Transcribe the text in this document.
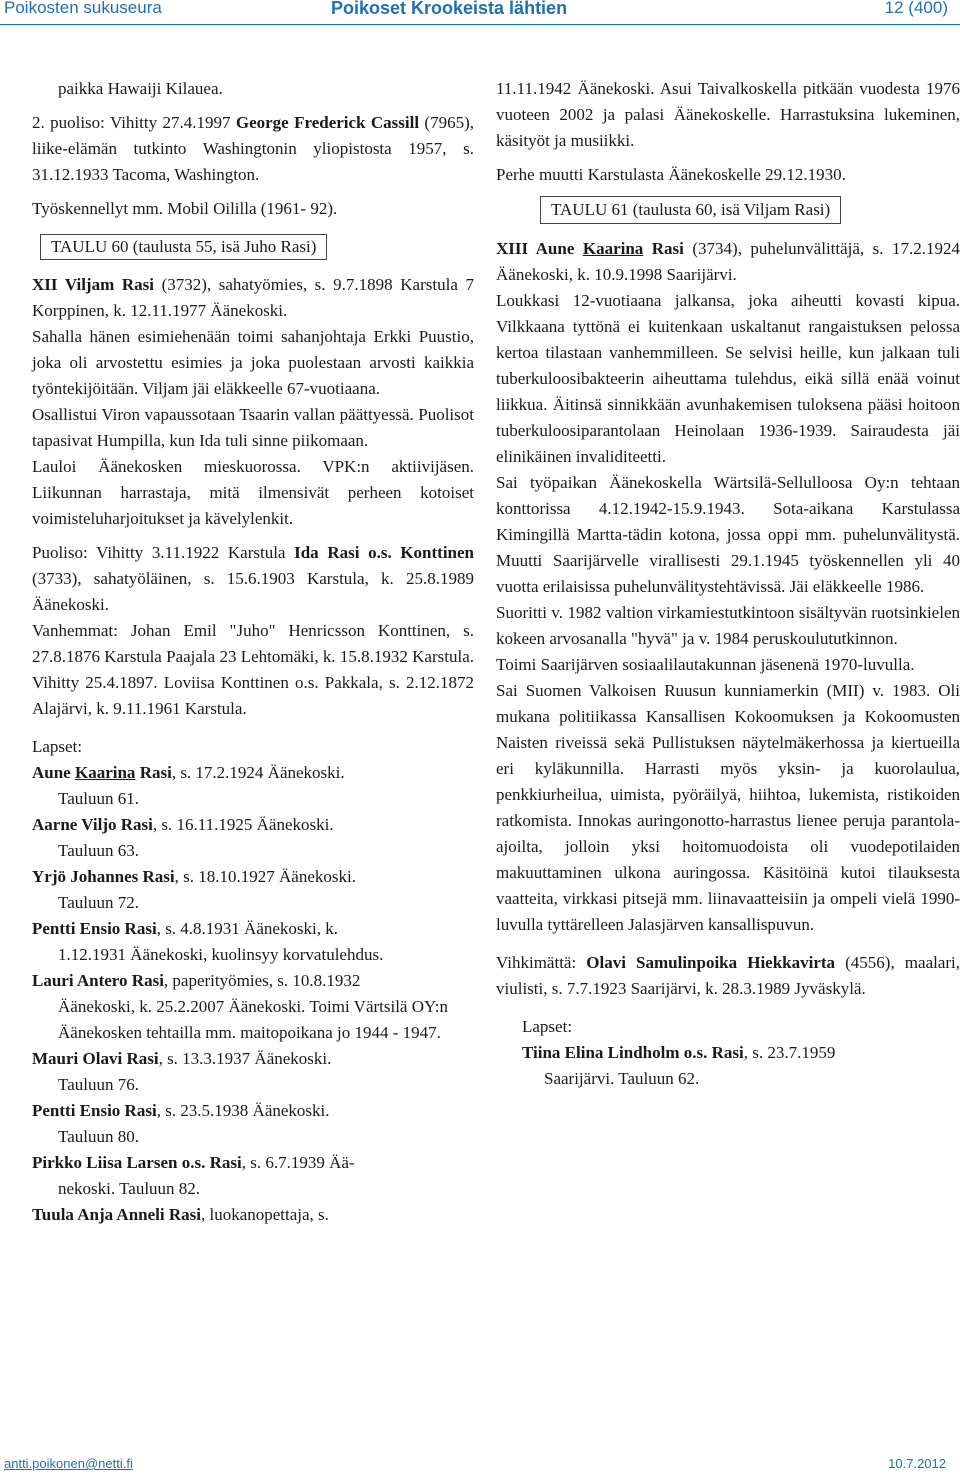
Poikosten sukuseura	Poikoset Krookeista lähtien	12 (400)

paikka Hawaiji Kilauea.

2. puoliso: Vihitty 27.4.1997 George Frederick Cassill (7965), liike-elämän tutkinto Washingtonin yliopistosta 1957, s. 31.12.1933 Tacoma, Washington.

Työskennellyt mm. Mobil Oililla (1961- 92).

TAULU 60 (taulusta 55, isä Juho Rasi)

XII Viljam Rasi (3732), sahatyömies, s. 9.7.1898 Karstula 7 Korppinen, k. 12.11.1977 Äänekoski.

Sahalla hänen esimiehenään toimi sahanjohtaja Erkki Puustio, joka oli arvostettu esimies ja joka puolestaan arvosti kaikkia työntekijöitään. Viljam jäi eläkkeelle 67-vuotiaana.

Osallistui Viron vapaussotaan Tsaarin vallan päättyessä. Puolisot tapasivat Humpilla, kun Ida tuli sinne piikomaan.

Lauloi Äänekosken mieskuorossa. VPK:n aktiivijäsen. Liikunnan harrastaja, mitä ilmensivät perheen kotoiset voimisteluharjoitukset ja kävelylenkit.

Puoliso: Vihitty 3.11.1922 Karstula Ida Rasi o.s. Konttinen (3733), sahatyöläinen, s. 15.6.1903 Karstula, k. 25.8.1989 Äänekoski.

Vanhemmat: Johan Emil "Juho" Henricsson Konttinen, s. 27.8.1876 Karstula Paajala 23 Lehtomäki, k. 15.8.1932 Karstula. Vihitty 25.4.1897. Loviisa Konttinen o.s. Pakkala, s. 2.12.1872 Alajärvi, k. 9.11.1961 Karstula.

Lapset:

Aune Kaarina Rasi, s. 17.2.1924 Äänekoski.

Tauluun 61.

Aarne Viljo Rasi, s. 16.11.1925 Äänekoski.

Tauluun 63.

Yrjö Johannes Rasi, s. 18.10.1927 Äänekoski.

Tauluun 72.

Pentti Ensio Rasi, s. 4.8.1931 Äänekoski, k.

1.12.1931 Äänekoski, kuolinsyy korvatulehdus.

Lauri Antero Rasi, paperityömies, s. 10.8.1932

Äänekoski, k. 25.2.2007 Äänekoski. Toimi Värtsilä OY:n Äänekosken tehtailla mm. maitopoikana jo 1944 - 1947.

Mauri Olavi Rasi, s. 13.3.1937 Äänekoski.

Tauluun 76.

Pentti Ensio Rasi, s. 23.5.1938 Äänekoski.

Tauluun 80.

Pirkko Liisa Larsen o.s. Rasi, s. 6.7.1939 Ää-

nekoski. Tauluun 82.

Tuula Anja Anneli Rasi, luokanopettaja, s.

11.11.1942 Äänekoski. Asui Taivalkoskella pitkään vuodesta 1976 vuoteen 2002 ja palasi Äänekoskelle. Harrastuksina lukeminen, käsityöt ja musiikki.

Perhe muutti Karstulasta Äänekoskelle 29.12.1930.

TAULU 61 (taulusta 60, isä Viljam Rasi)

XIII Aune Kaarina Rasi (3734), puhelunvälittäjä, s. 17.2.1924 Äänekoski, k. 10.9.1998 Saarijärvi.

Loukkasi 12-vuotiaana jalkansa, joka aiheutti kovasti kipua. Vilkkaana tyttönä ei kuitenkaan uskaltanut rangaistuksen pelossa kertoa tilastaan vanhemmilleen. Se selvisi heille, kun jalkaan tuli tuberkuloosibakteerin aiheuttama tulehdus, eikä sillä enää voinut liikkua. Äitinsä sinnikkään avunhakemisen tuloksena pääsi hoitoon tuberkuloosiparantolaan Heinolaan 1936-1939. Sairaudesta jäi elinikäinen invaliditeetti.

Sai työpaikan Äänekoskella Wärtsilä-Sellulloosa Oy:n tehtaan konttorissa 4.12.1942-15.9.1943. Sota-aikana Karstulassa Kimingillä Martta-tädin kotona, jossa oppi mm. puhelunvälitystä. Muutti Saarijärvelle virallisesti 29.1.1945 työskennellen yli 40 vuotta erilaisissa puhelunvälitystehtävissä. Jäi eläkkeelle 1986.

Suoritti v. 1982 valtion virkamiestutkintoon sisältyvän ruotsinkielen kokeen arvosanalla "hyvä" ja v. 1984 peruskoulututkinnon.

Toimi Saarijärven sosiaalilautakunnan jäsenenä 1970-luvulla.

Sai Suomen Valkoisen Ruusun kunniamerkin (MII) v. 1983. Oli mukana politiikassa Kansallisen Kokoomuksen ja Kokoomusten Naisten riveissä sekä Pullistuksen näytelmäkerhossa ja kiertueilla eri kyläkunnilla. Harrasti myös yksin- ja kuorolaulua, penkkiurheilua, uimista, pyöräilyä, hiihtoa, lukemista, ristikoiden ratkomista. Innokas auringonotto-harrastus lienee peruja parantola-ajoilta, jolloin yksi hoitomuodoista oli vuodepotilaiden makuuttaminen ulkona auringossa. Käsitöinä kutoi tilauksesta vaatteita, virkkasi pitsejä mm. liinavaatteisiin ja ompeli vielä 1990-luvulla tyttärelleen Jalasjärven kansallispuvun.

Vihkimättä: Olavi Samulinpoika Hiekkavirta (4556), maalari, viulisti, s. 7.7.1923 Saarijärvi, k. 28.3.1989 Jyväskylä.

Lapset:

Tiina Elina Lindholm o.s. Rasi, s. 23.7.1959

Saarijärvi. Tauluun 62.

antti.poikonen@netti.fi	10.7.2012
